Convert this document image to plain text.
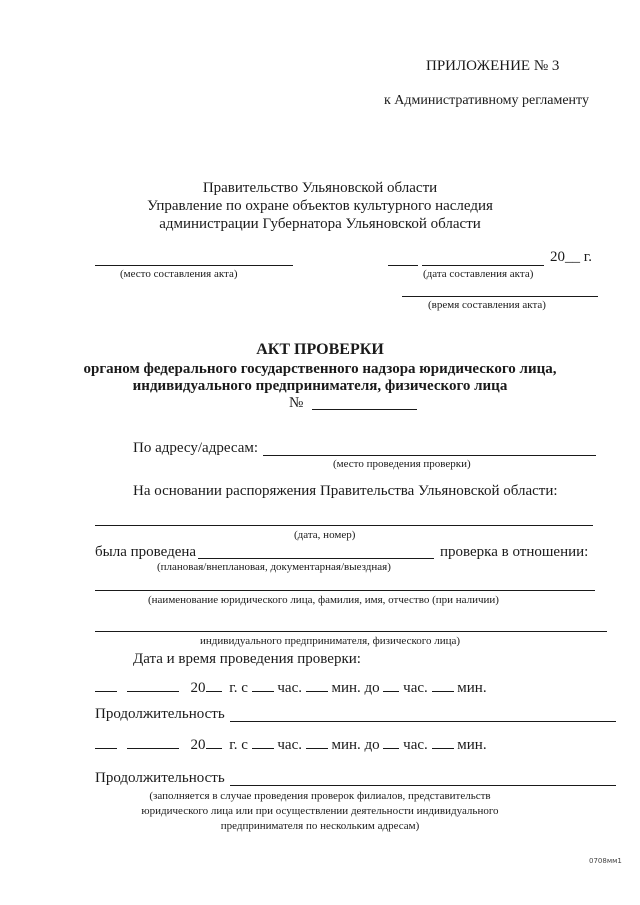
ПРИЛОЖЕНИЕ № 3
к Административному регламенту
Правительство Ульяновской области
Управление по охране объектов культурного наследия
администрации Губернатора Ульяновской области
(место составления акта)
20__ г.
(дата составления акта)
(время составления акта)
АКТ ПРОВЕРКИ
органом федерального государственного надзора юридического лица,
индивидуального предпринимателя, физического лица
№
По адресу/адресам:
(место проведения проверки)
На основании распоряжения Правительства Ульяновской области:
(дата, номер)
была проведена	проверка в отношении:
(плановая/внеплановая, документарная/выездная)
(наименование юридического лица, фамилия, имя, отчество (при наличии)
индивидуального предпринимателя, физического лица)
Дата и время проведения проверки:
20 г. с час. мин. до час. мин.
Продолжительность
20 г. с час. мин. до час. мин.
Продолжительность
(заполняется в случае проведения проверок филиалов, представительств
юридического лица или при осуществлении деятельности индивидуального
предпринимателя по нескольким адресам)
0708мм1
